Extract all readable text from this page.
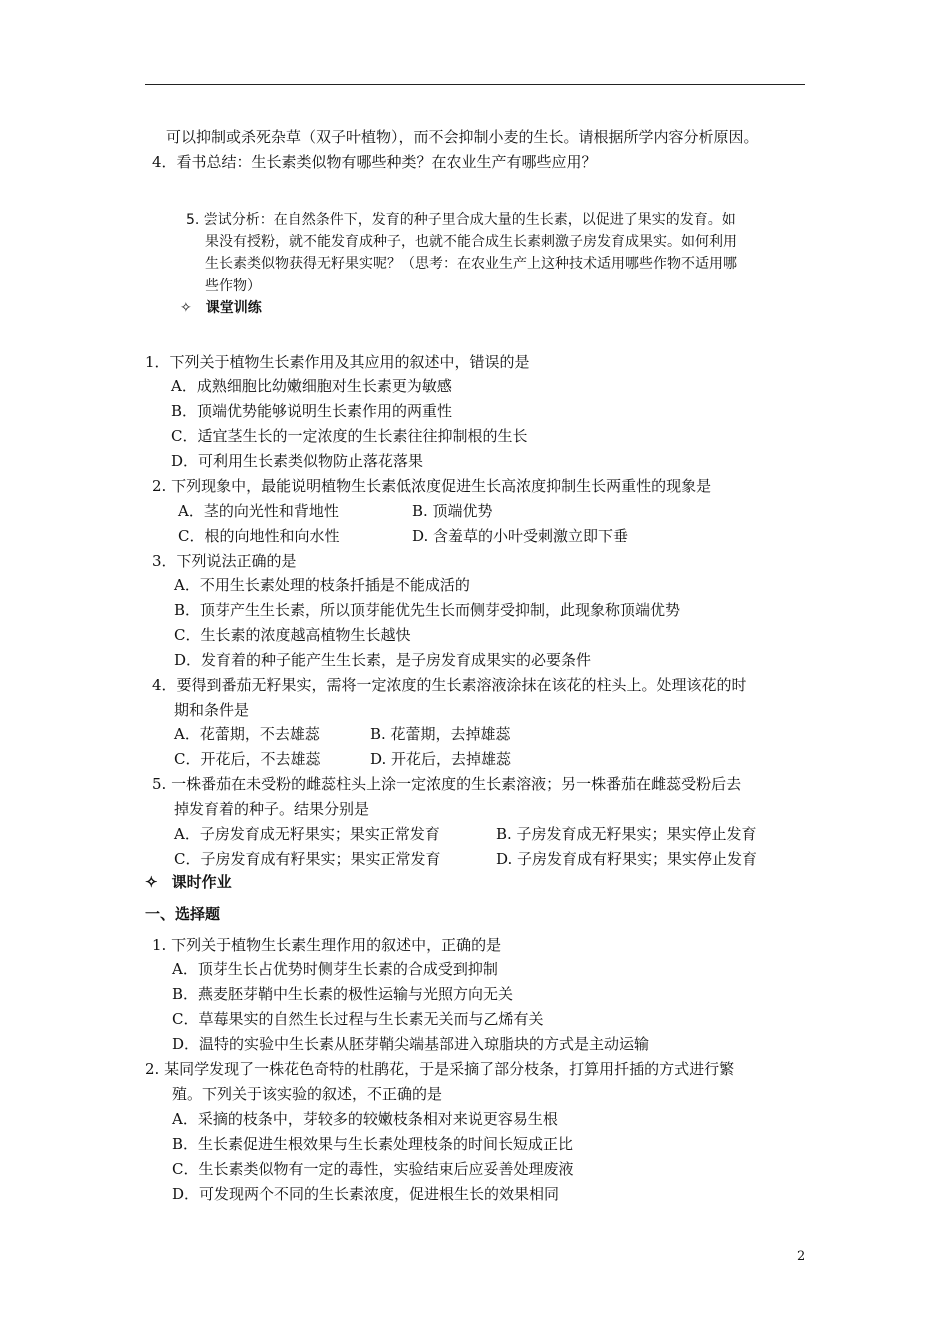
可以抑制或杀死杂草（双子叶植物），而不会抑制小麦的生长。请根据所学内容分析原因。
4．看书总结：生长素类似物有哪些种类？在农业生产有哪些应用？
5. 尝试分析：在自然条件下，发育的种子里合成大量的生长素，以促进了果实的发育。如
果没有授粉，就不能发育成种子，也就不能合成生长素刺激子房发育成果实。如何利用
生长素类似物获得无籽果实呢？（思考：在农业生产上这种技术适用哪些作物不适用哪
些作物）
✧ 课堂训练
1．下列关于植物生长素作用及其应用的叙述中，错误的是
A．成熟细胞比幼嫩细胞对生长素更为敏感
B．顶端优势能够说明生长素作用的两重性
C．适宜茎生长的一定浓度的生长素往往抑制根的生长
D．可利用生长素类似物防止落花落果
2. 下列现象中，最能说明植物生长素低浓度促进生长高浓度抑制生长两重性的现象是
A．茎的向光性和背地性	B. 顶端优势
C．根的向地性和向水性	D. 含羞草的小叶受刺激立即下垂
3．下列说法正确的是
A．不用生长素处理的枝条扦插是不能成活的
B．顶芽产生生长素，所以顶芽能优先生长而侧芽受抑制，此现象称顶端优势
C．生长素的浓度越高植物生长越快
D．发育着的种子能产生生长素，是子房发育成果实的必要条件
4．要得到番茄无籽果实，需将一定浓度的生长素溶液涂抹在该花的柱头上。处理该花的时
期和条件是
A．花蕾期，不去雄蕊	B. 花蕾期，去掉雄蕊
C．开花后，不去雄蕊	D. 开花后，去掉雄蕊
5. 一株番茄在未受粉的雌蕊柱头上涂一定浓度的生长素溶液；另一株番茄在雌蕊受粉后去
掉发育着的种子。结果分别是
A．子房发育成无籽果实；果实正常发育	B. 子房发育成无籽果实；果实停止发育
C．子房发育成有籽果实；果实正常发育	D. 子房发育成有籽果实；果实停止发育
✧ 课时作业
一、选择题
1. 下列关于植物生长素生理作用的叙述中，正确的是
A．顶芽生长占优势时侧芽生长素的合成受到抑制
B．燕麦胚芽鞘中生长素的极性运输与光照方向无关
C．草莓果实的自然生长过程与生长素无关而与乙烯有关
D．温特的实验中生长素从胚芽鞘尖端基部进入琼脂块的方式是主动运输
2. 某同学发现了一株花色奇特的杜鹃花，于是采摘了部分枝条，打算用扦插的方式进行繁
殖。下列关于该实验的叙述，不正确的是
A．采摘的枝条中，芽较多的较嫩枝条相对来说更容易生根
B．生长素促进生根效果与生长素处理枝条的时间长短成正比
C．生长素类似物有一定的毒性，实验结束后应妥善处理废液
D．可发现两个不同的生长素浓度，促进根生长的效果相同
2
